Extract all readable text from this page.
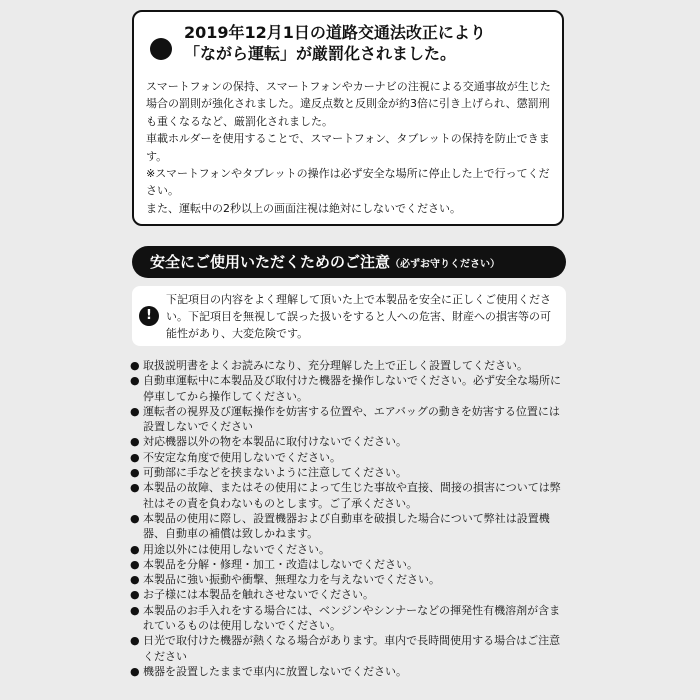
2019年12月1日の道路交通法改正により
「ながら運転」が厳罰化されました。

スマートフォンの保持、スマートフォンやカーナビの注視による交通事故が生じた場合の罰則が強化されました。違反点数と反則金が約3倍に引き上げられ、懲罰刑も重くなるなど、厳罰化されました。

車載ホルダーを使用することで、スマートフォン、タブレットの保持を防止できます。

※スマートフォンやタブレットの操作は必ず安全な場所に停止した上で行ってください。

また、運転中の2秒以上の画面注視は絶対にしないでください。

安全にご使用いただくためのご注意（必ずお守りください）
!

下記項目の内容をよく理解して頂いた上で本製品を安全に正しくご使用ください。下記項目を無視して誤った扱いをすると人への危害、財産への損害等の可能性があり、大変危険です。

● 取扱説明書をよくお読みになり、充分理解した上で正しく設置してください。
● 自動車運転中に本製品及び取付けた機器を操作しないでください。必ず安全な場所に停車してから操作してください。
● 運転者の視界及び運転操作を妨害する位置や、エアバッグの動きを妨害する位置には設置しないでください
● 対応機器以外の物を本製品に取付けないでください。
● 不安定な角度で使用しないでください。
● 可動部に手などを挟まないように注意してください。
● 本製品の故障、またはその使用によって生じた事故や直接、間接の損害については弊社はその責を負わないものとします。ご了承ください。
● 本製品の使用に際し、設置機器および自動車を破損した場合について弊社は設置機器、自動車の補償は致しかねます。
● 用途以外には使用しないでください。
● 本製品を分解・修理・加工・改造はしないでください。
● 本製品に強い振動や衝撃、無理な力を与えないでください。
● お子様には本製品を触れさせないでください。
● 本製品のお手入れをする場合には、ベンジンやシンナーなどの揮発性有機溶剤が含まれているものは使用しないでください。
● 日光で取付けた機器が熱くなる場合があります。車内で長時間使用する場合はご注意ください
● 機器を設置したままで車内に放置しないでください。
